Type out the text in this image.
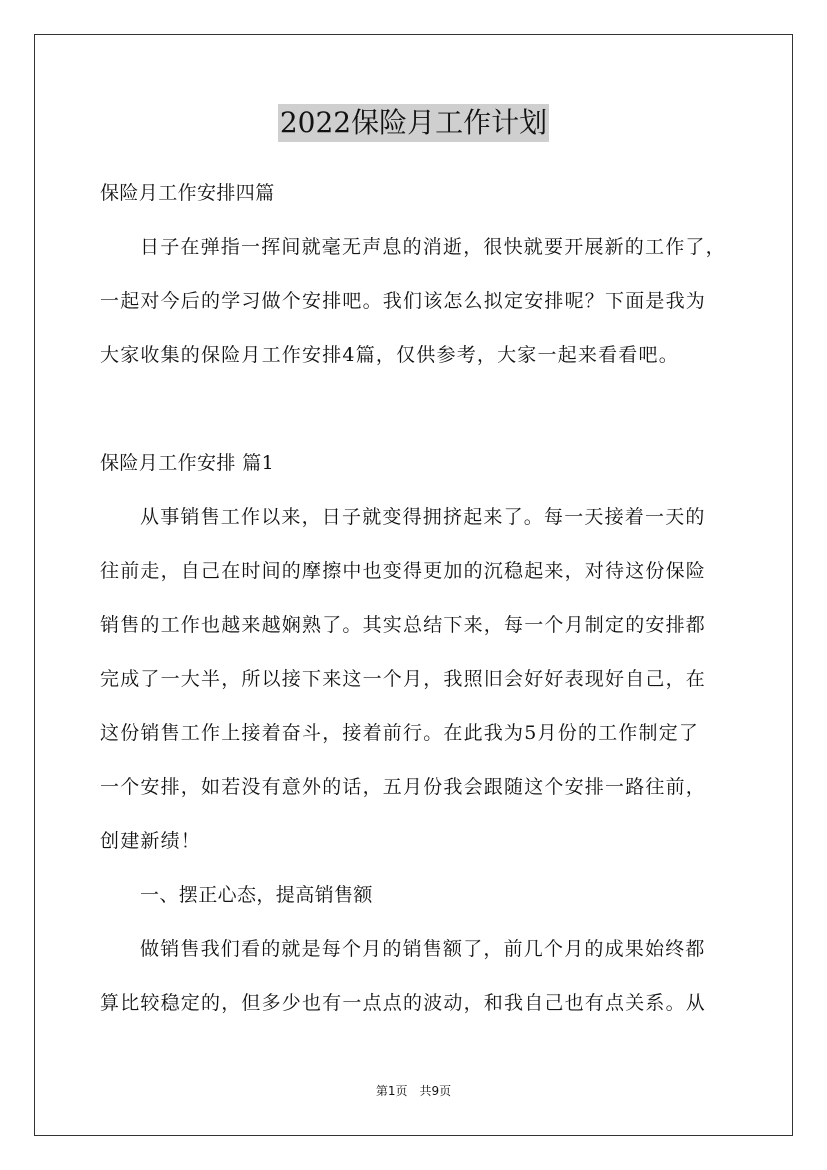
2022保险月工作计划
保险月工作安排四篇
日子在弹指一挥间就毫无声息的消逝，很快就要开展新的工作了，
一起对今后的学习做个安排吧。我们该怎么拟定安排呢？下面是我为
大家收集的保险月工作安排4篇，仅供参考，大家一起来看看吧。
保险月工作安排 篇1
从事销售工作以来，日子就变得拥挤起来了。每一天接着一天的
往前走，自己在时间的摩擦中也变得更加的沉稳起来，对待这份保险
销售的工作也越来越娴熟了。其实总结下来，每一个月制定的安排都
完成了一大半，所以接下来这一个月，我照旧会好好表现好自己，在
这份销售工作上接着奋斗，接着前行。在此我为5月份的工作制定了
一个安排，如若没有意外的话，五月份我会跟随这个安排一路往前，
创建新绩！
一、摆正心态，提高销售额
做销售我们看的就是每个月的销售额了，前几个月的成果始终都
算比较稳定的，但多少也有一点点的波动，和我自己也有点关系。从
第1页　共9页
